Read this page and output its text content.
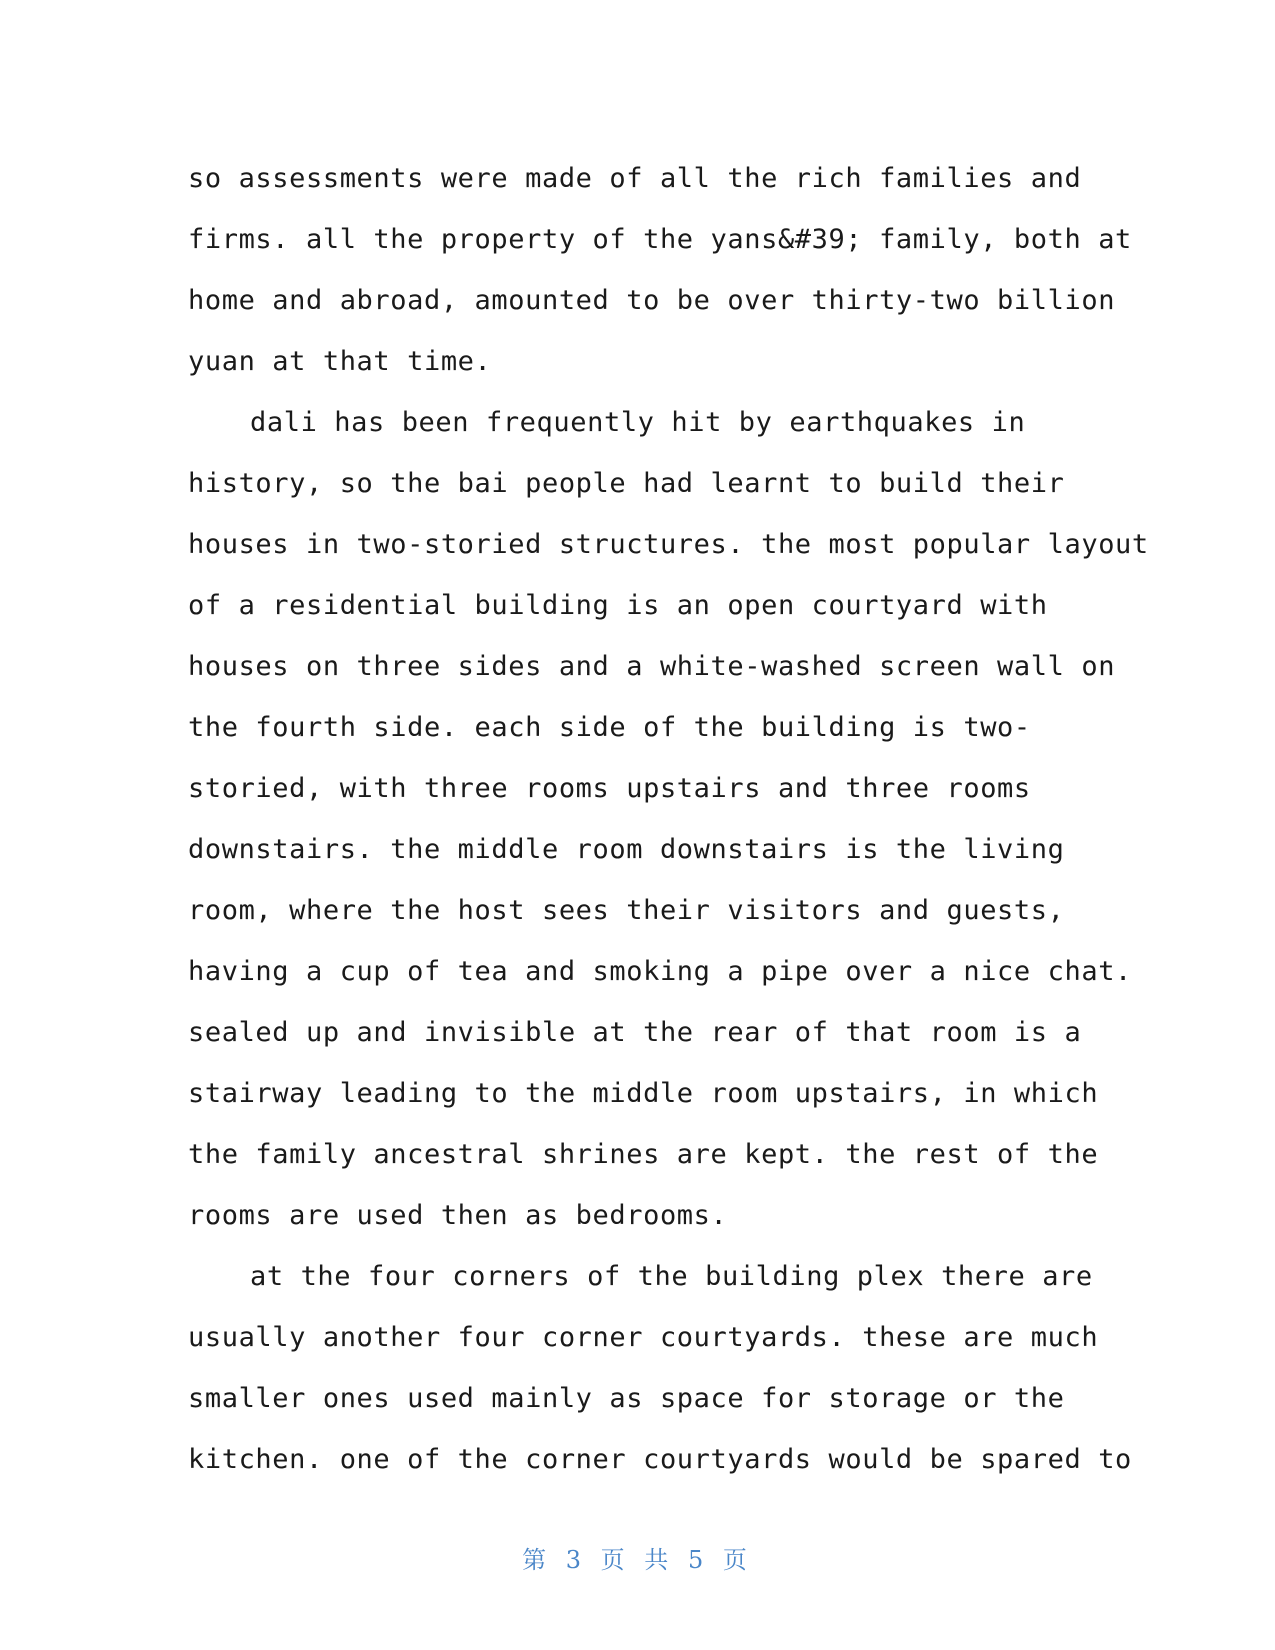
so assessments were made of all the rich families and
firms. all the property of the yans&#39; family, both at
home and abroad, amounted to be over thirty-two billion
yuan at that time.
dali has been frequently hit by earthquakes in
history, so the bai people had learnt to build their
houses in two-storied structures. the most popular layout
of a residential building is an open courtyard with
houses on three sides and a white-washed screen wall on
the fourth side. each side of the building is two-
storied, with three rooms upstairs and three rooms
downstairs. the middle room downstairs is the living
room, where the host sees their visitors and guests,
having a cup of tea and smoking a pipe over a nice chat.
sealed up and invisible at the rear of that room is a
stairway leading to the middle room upstairs, in which
the family ancestral shrines are kept. the rest of the
rooms are used then as bedrooms.
at the four corners of the building plex there are
usually another four corner courtyards. these are much
smaller ones used mainly as space for storage or the
kitchen. one of the corner courtyards would be spared to
第 3 页 共 5 页
